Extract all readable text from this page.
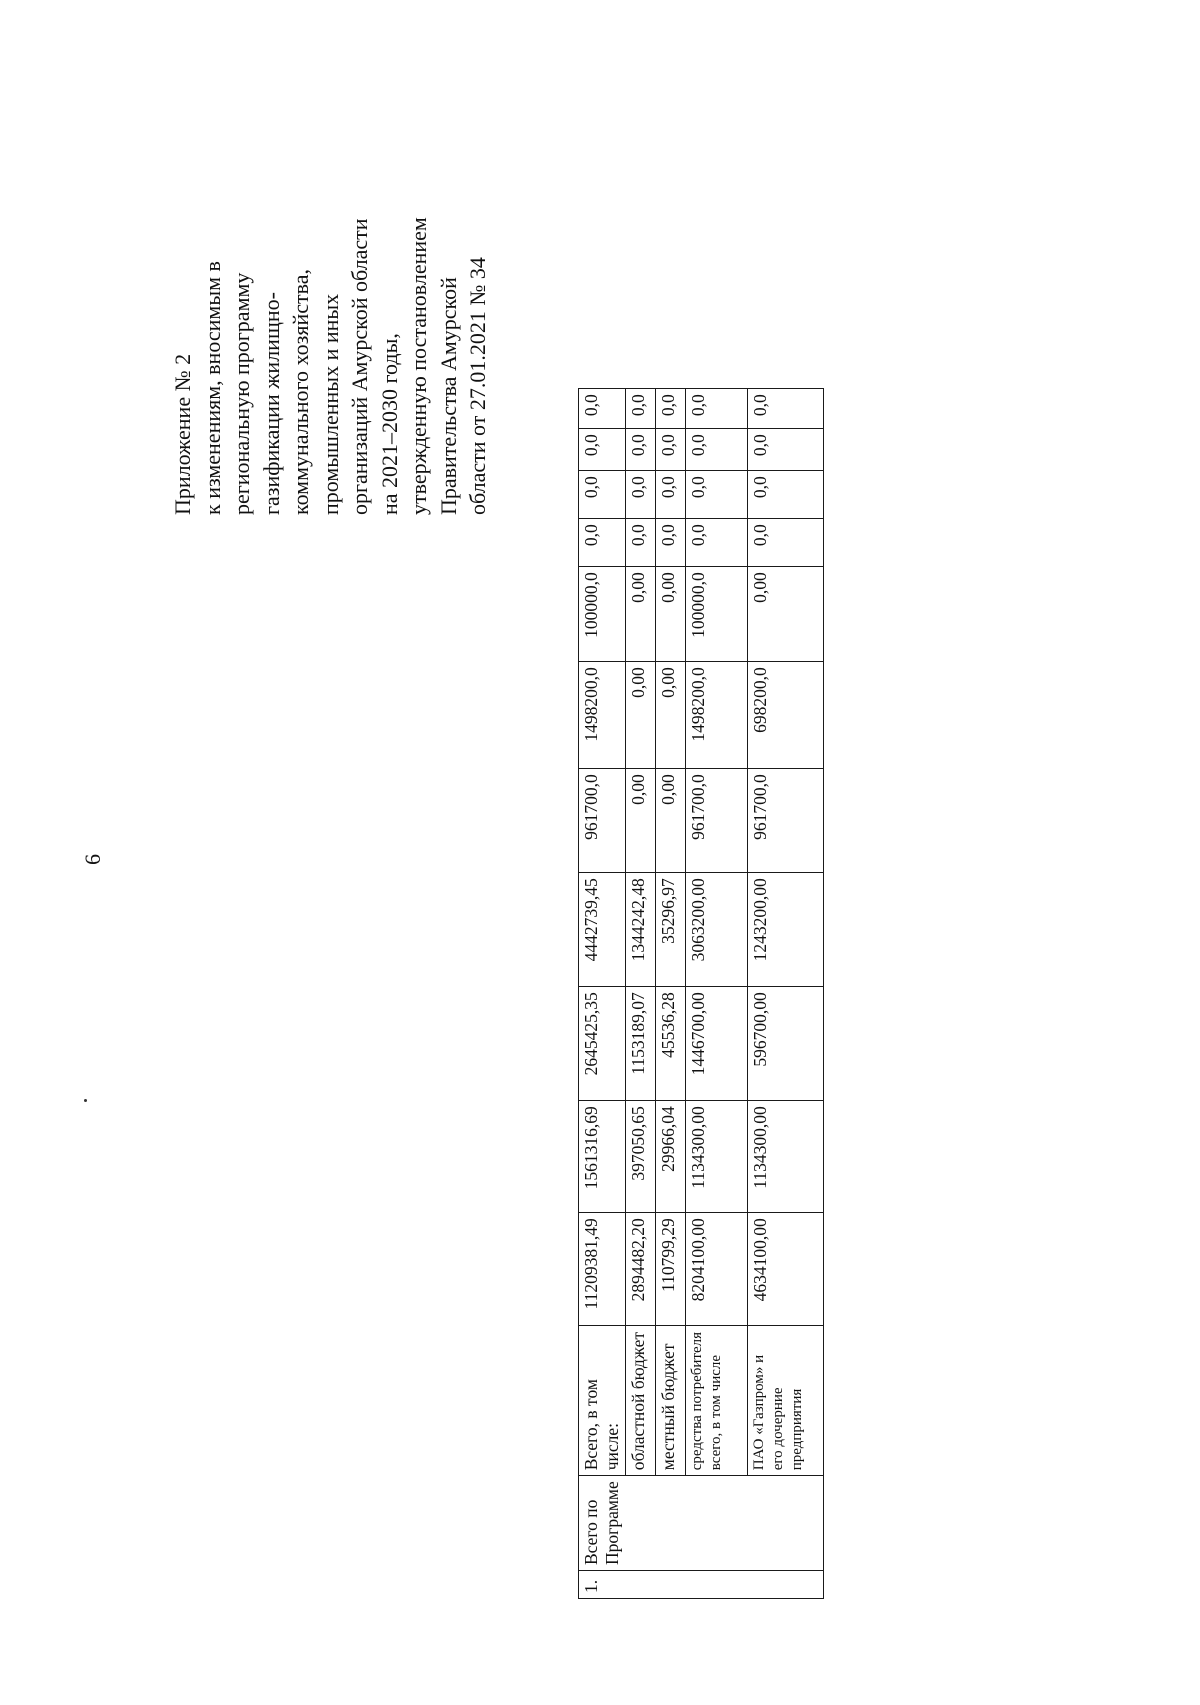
6
Приложение № 2 к изменениям, вносимым в региональную программу газификации жилищно- коммунального хозяйства, промышленных и иных организаций Амурской области на 2021–2030 годы, утвержденную постановлением Правительства Амурской области от 27.01.2021 № 34
1.	Всего по Программе	Всего, в том числе:	11209381,49	1561316,69	2645425,35	4442739,45	961700,0	1498200,0	100000,0	0,0	0,0	0,0	0,0
		областной бюджет	2894482,20	397050,65	1153189,07	1344242,48	0,00	0,00	0,00	0,0	0,0	0,0	0,0
		местный бюджет	110799,29	29966,04	45536,28	35296,97	0,00	0,00	0,00	0,0	0,0	0,0	0,0
		средства потребителя всего, в том числе	8204100,00	1134300,00	1446700,00	3063200,00	961700,0	1498200,0	100000,0	0,0	0,0	0,0	0,0
		ПАО «Газпром» и его дочерние предприятия	4634100,00	1134300,00	596700,00	1243200,00	961700,0	698200,0	0,00	0,0	0,0	0,0	0,0
